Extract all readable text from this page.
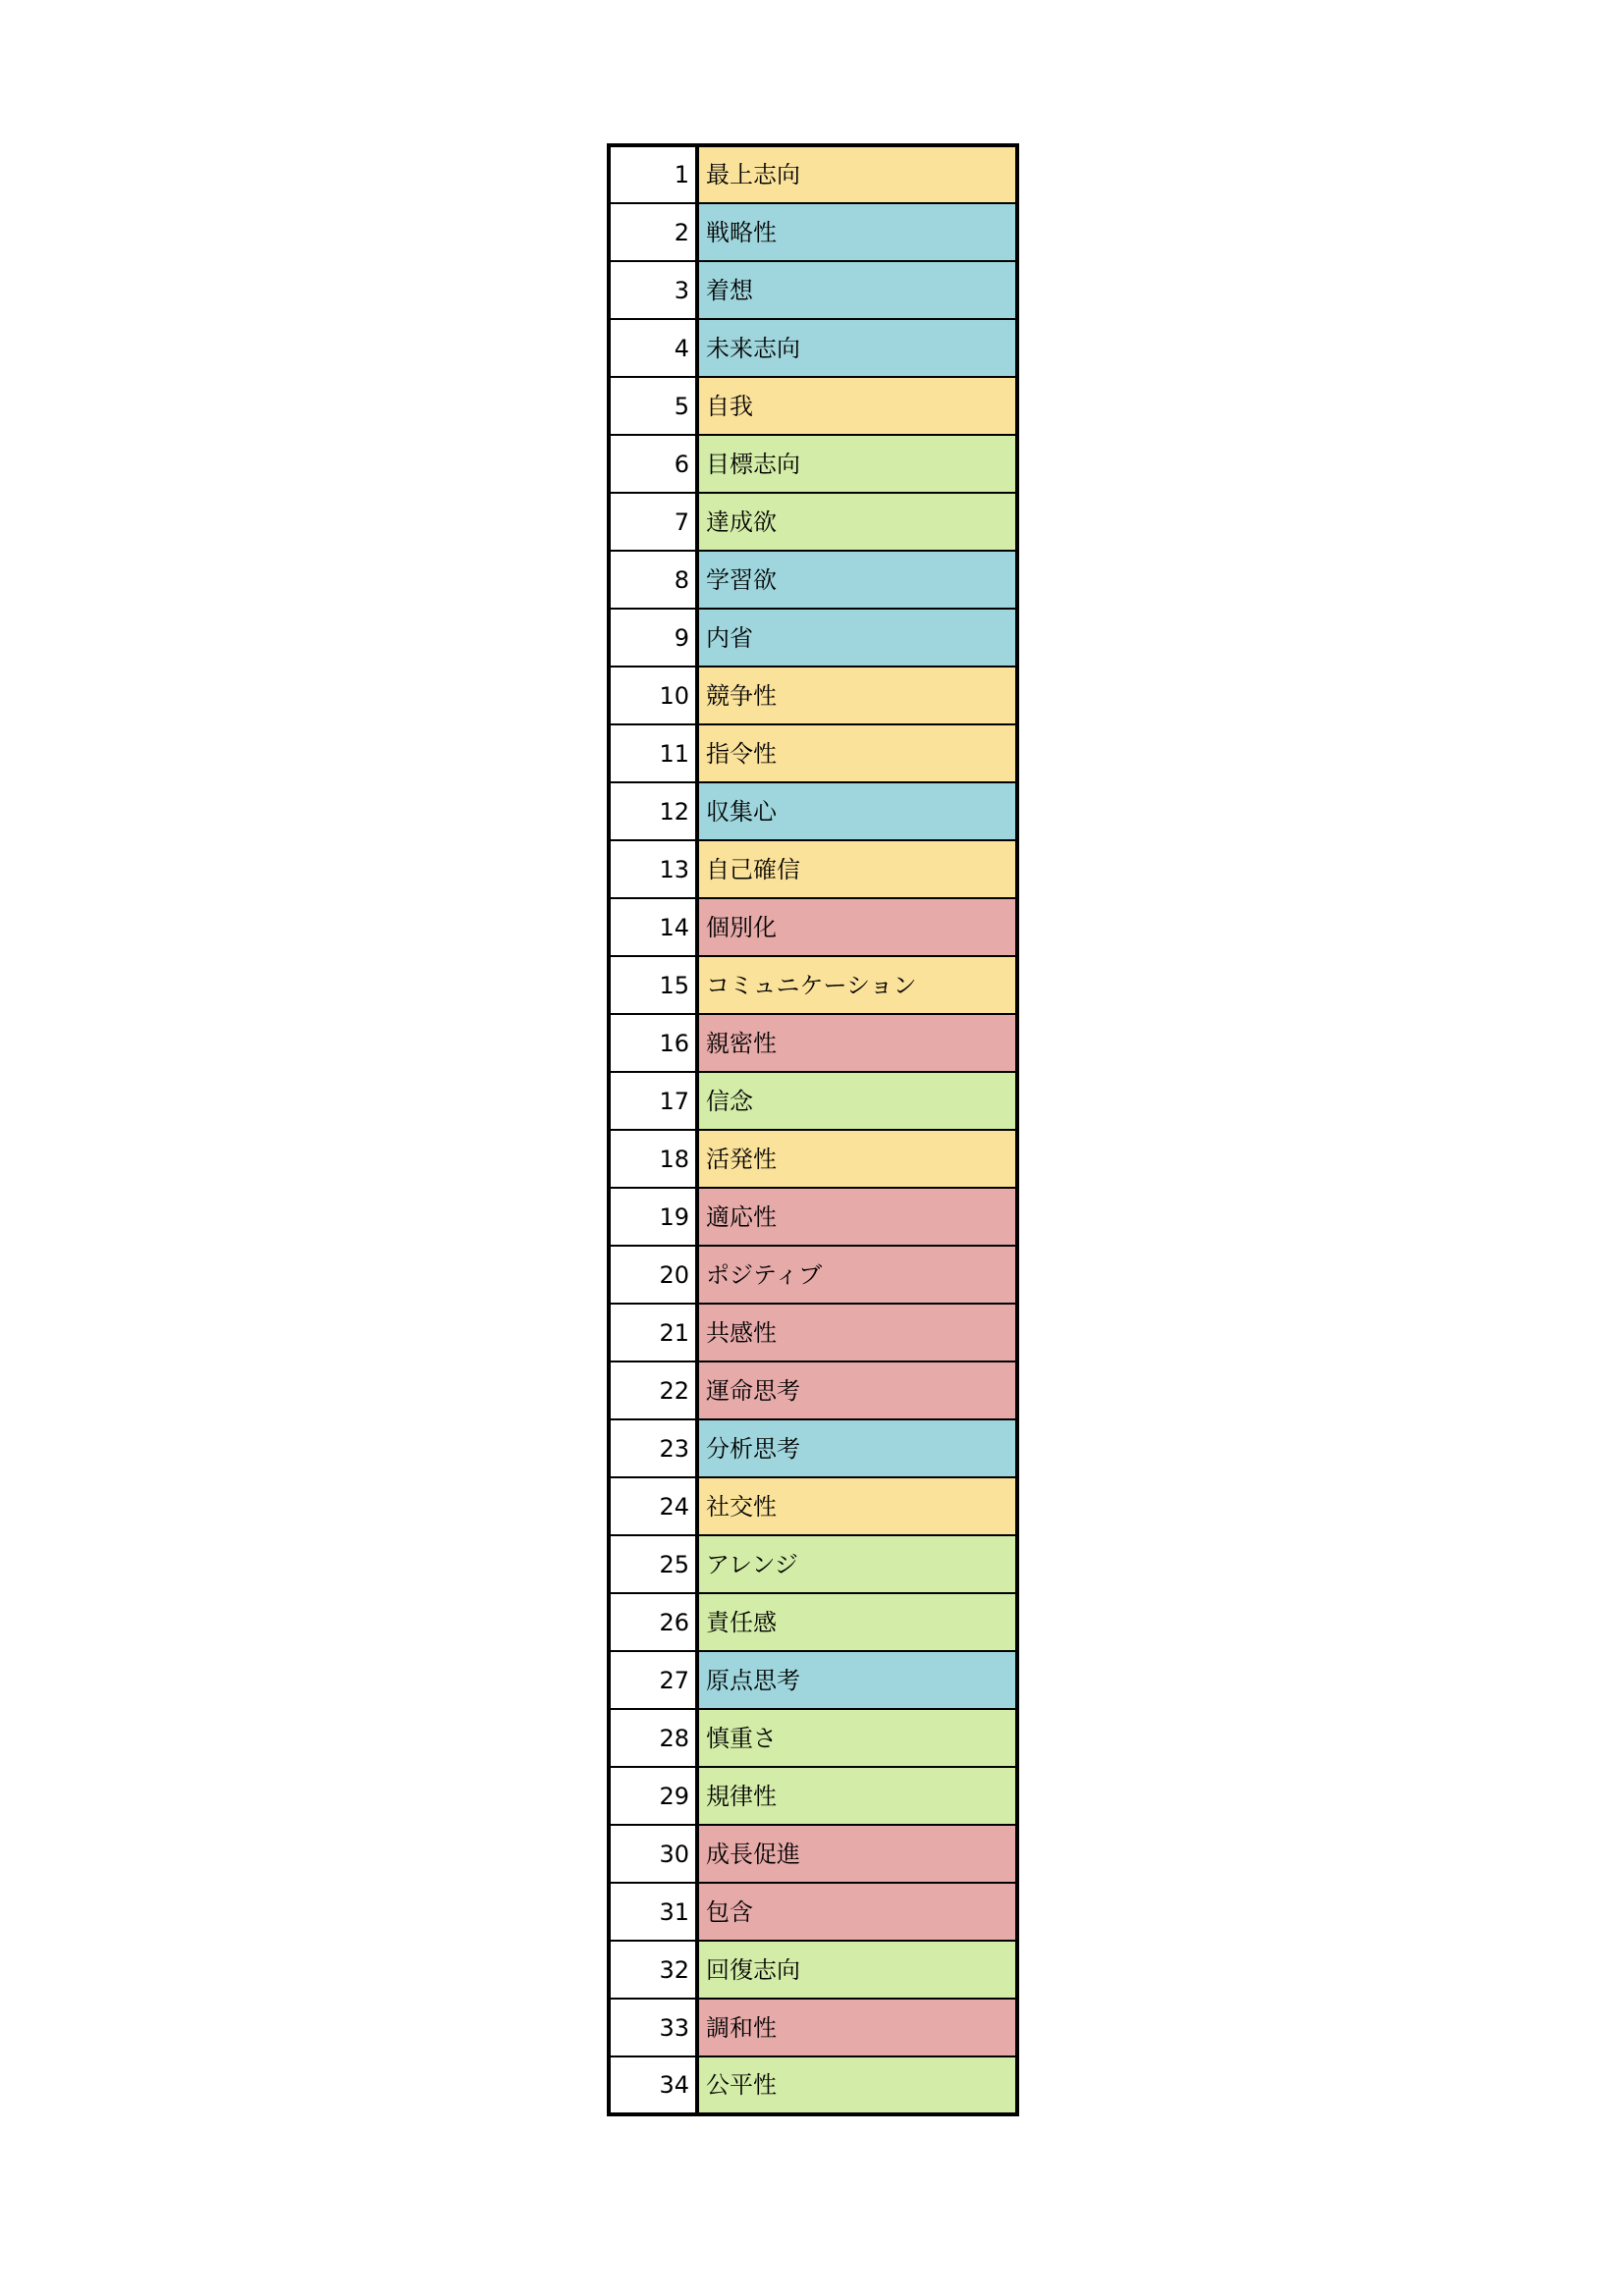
1	最上志向
2	戦略性
3	着想
4	未来志向
5	自我
6	目標志向
7	達成欲
8	学習欲
9	内省
10	競争性
11	指令性
12	収集心
13	自己確信
14	個別化
15	コミュニケーション
16	親密性
17	信念
18	活発性
19	適応性
20	ポジティブ
21	共感性
22	運命思考
23	分析思考
24	社交性
25	アレンジ
26	責任感
27	原点思考
28	慎重さ
29	規律性
30	成長促進
31	包含
32	回復志向
33	調和性
34	公平性
